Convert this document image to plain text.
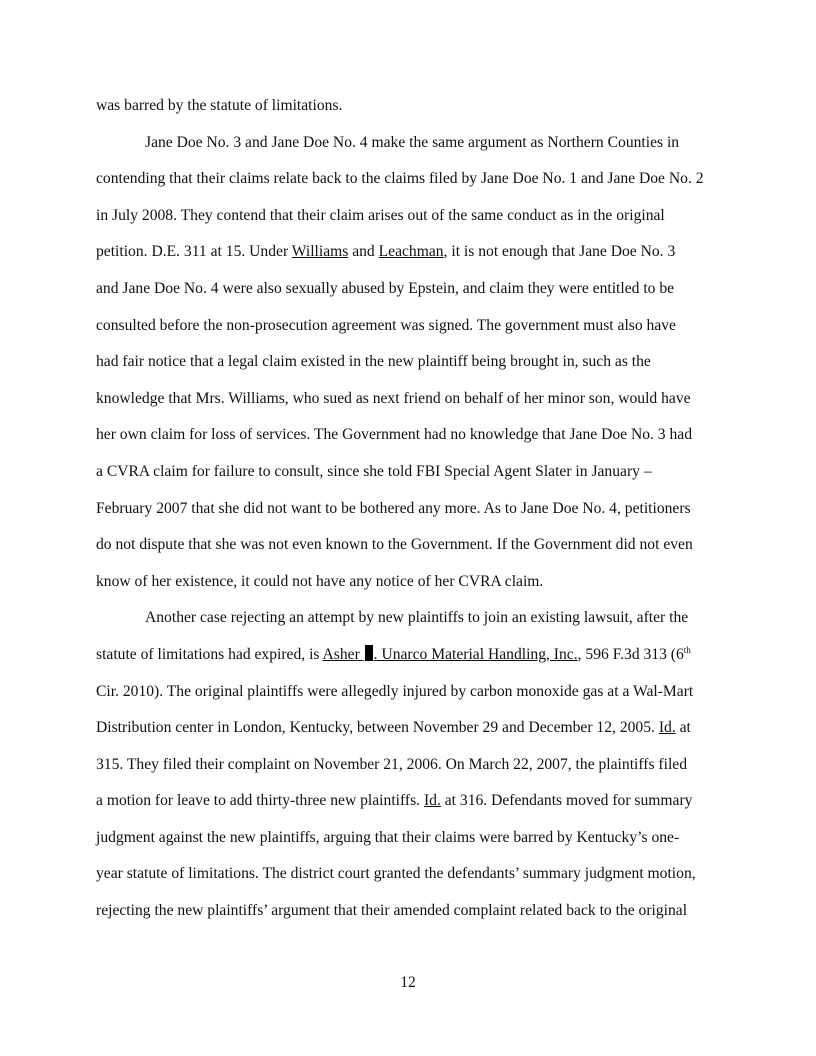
was barred by the statute of limitations.
Jane Doe No. 3 and Jane Doe No. 4 make the same argument as Northern Counties in
contending that their claims relate back to the claims filed by Jane Doe No. 1 and Jane Doe No. 2
in July 2008. They contend that their claim arises out of the same conduct as in the original
petition. D.E. 311 at 15. Under Williams and Leachman, it is not enough that Jane Doe No. 3
and Jane Doe No. 4 were also sexually abused by Epstein, and claim they were entitled to be
consulted before the non-prosecution agreement was signed. The government must also have
had fair notice that a legal claim existed in the new plaintiff being brought in, such as the
knowledge that Mrs. Williams, who sued as next friend on behalf of her minor son, would have
her own claim for loss of services. The Government had no knowledge that Jane Doe No. 3 had
a CVRA claim for failure to consult, since she told FBI Special Agent Slater in January –
February 2007 that she did not want to be bothered any more. As to Jane Doe No. 4, petitioners
do not dispute that she was not even known to the Government. If the Government did not even
know of her existence, it could not have any notice of her CVRA claim.
Another case rejecting an attempt by new plaintiffs to join an existing lawsuit, after the
statute of limitations had expired, is Asher . Unarco Material Handling, Inc., 596 F.3d 313 (6th
Cir. 2010). The original plaintiffs were allegedly injured by carbon monoxide gas at a Wal-Mart
Distribution center in London, Kentucky, between November 29 and December 12, 2005. Id. at
315. They filed their complaint on November 21, 2006. On March 22, 2007, the plaintiffs filed
a motion for leave to add thirty-three new plaintiffs. Id. at 316. Defendants moved for summary
judgment against the new plaintiffs, arguing that their claims were barred by Kentucky’s one-
year statute of limitations. The district court granted the defendants’ summary judgment motion,
rejecting the new plaintiffs’ argument that their amended complaint related back to the original
12
